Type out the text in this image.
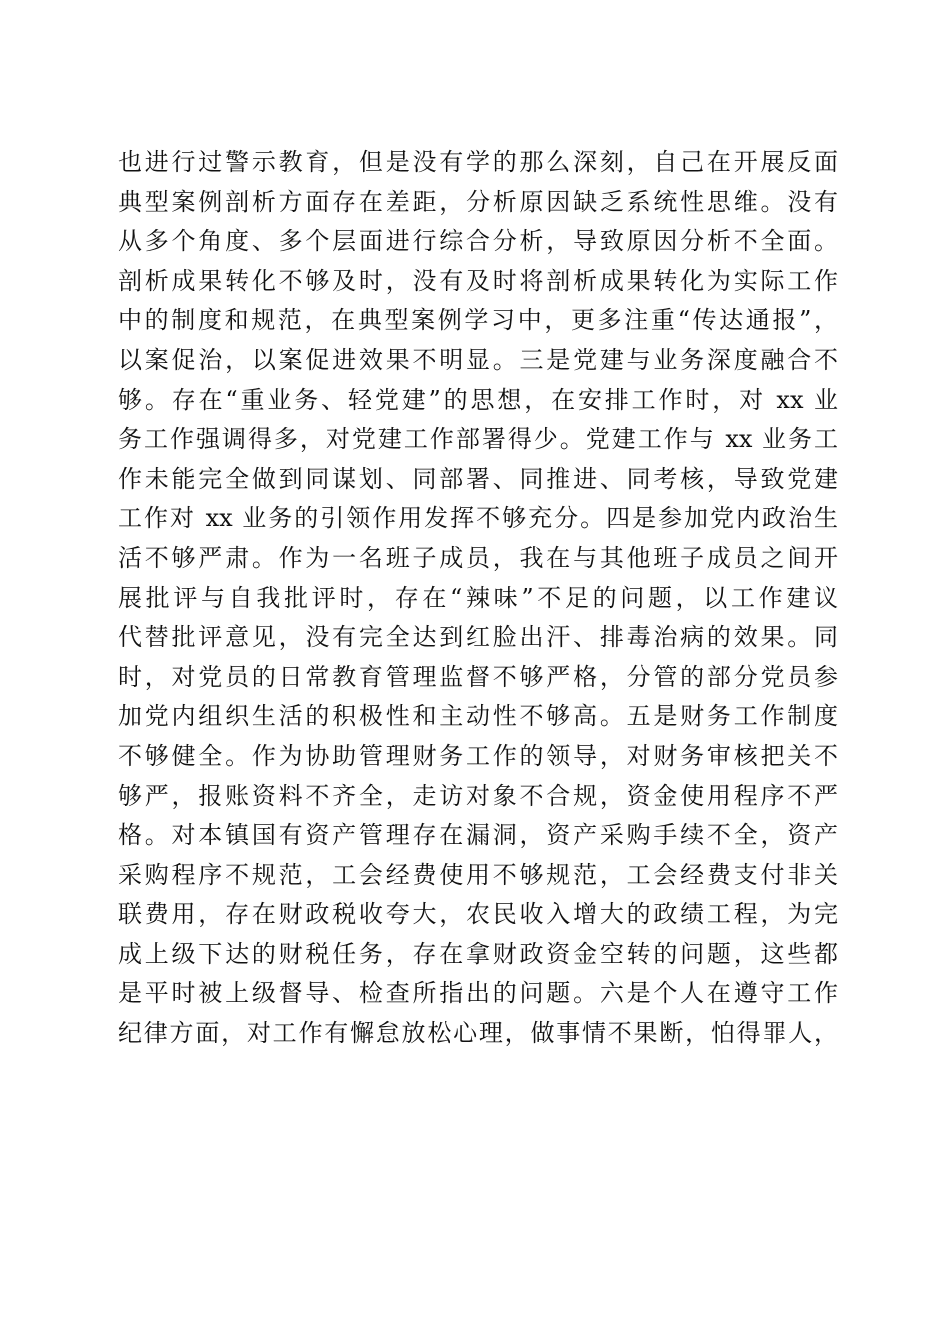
也进行过警示教育，但是没有学的那么深刻，自己在开展反面
典型案例剖析方面存在差距，分析原因缺乏系统性思维。没有
从多个角度、多个层面进行综合分析，导致原因分析不全面。
剖析成果转化不够及时，没有及时将剖析成果转化为实际工作
中的制度和规范，在典型案例学习中，更多注重“传达通报”，
以案促治，以案促进效果不明显。三是党建与业务深度融合不
够。存在“重业务、轻党建”的思想，在安排工作时，对 xx 业
务工作强调得多，对党建工作部署得少。党建工作与 xx 业务工
作未能完全做到同谋划、同部署、同推进、同考核，导致党建
工作对 xx 业务的引领作用发挥不够充分。四是参加党内政治生
活不够严肃。作为一名班子成员，我在与其他班子成员之间开
展批评与自我批评时，存在“辣味”不足的问题，以工作建议
代替批评意见，没有完全达到红脸出汗、排毒治病的效果。同
时，对党员的日常教育管理监督不够严格，分管的部分党员参
加党内组织生活的积极性和主动性不够高。五是财务工作制度
不够健全。作为协助管理财务工作的领导，对财务审核把关不
够严，报账资料不齐全，走访对象不合规，资金使用程序不严
格。对本镇国有资产管理存在漏洞，资产采购手续不全，资产
采购程序不规范，工会经费使用不够规范，工会经费支付非关
联费用，存在财政税收夸大，农民收入增大的政绩工程，为完
成上级下达的财税任务，存在拿财政资金空转的问题，这些都
是平时被上级督导、检查所指出的问题。六是个人在遵守工作
纪律方面，对工作有懈怠放松心理，做事情不果断，怕得罪人，
